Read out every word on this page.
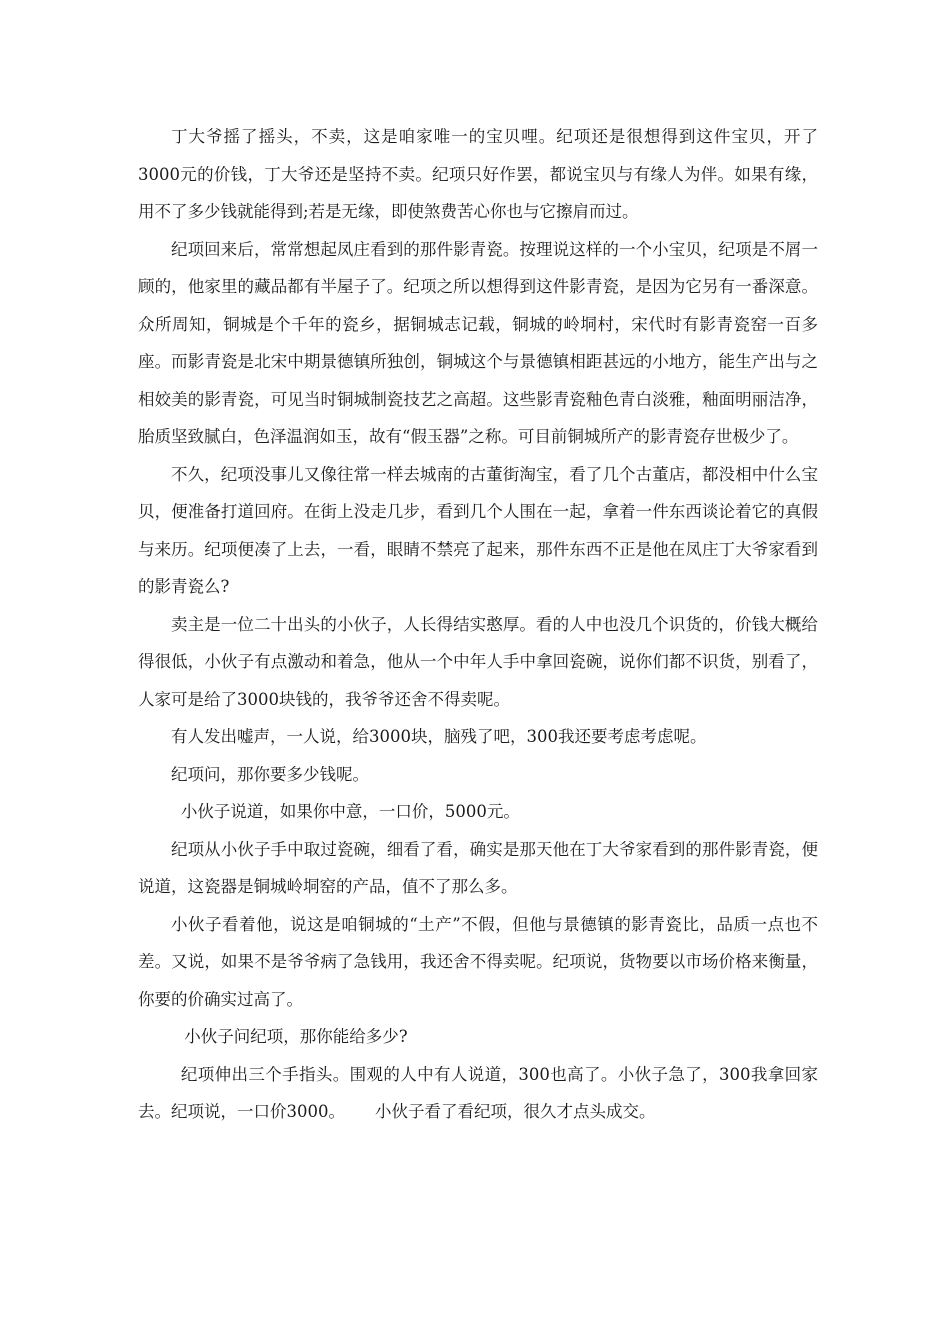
丁大爷摇了摇头，不卖，这是咱家唯一的宝贝哩。纪项还是很想得到这件宝贝，开了3000元的价钱，丁大爷还是坚持不卖。纪项只好作罢，都说宝贝与有缘人为伴。如果有缘，用不了多少钱就能得到;若是无缘，即使煞费苦心你也与它擦肩而过。

纪项回来后，常常想起凤庄看到的那件影青瓷。按理说这样的一个小宝贝，纪项是不屑一顾的，他家里的藏品都有半屋子了。纪项之所以想得到这件影青瓷，是因为它另有一番深意。众所周知，铜城是个千年的瓷乡，据铜城志记载，铜城的岭垌村，宋代时有影青瓷窑一百多座。而影青瓷是北宋中期景德镇所独创，铜城这个与景德镇相距甚远的小地方，能生产出与之相姣美的影青瓷，可见当时铜城制瓷技艺之高超。这些影青瓷釉色青白淡雅，釉面明丽洁净，胎质坚致腻白，色泽温润如玉，故有“假玉器”之称。可目前铜城所产的影青瓷存世极少了。

不久，纪项没事儿又像往常一样去城南的古董街淘宝，看了几个古董店，都没相中什么宝贝，便准备打道回府。在街上没走几步，看到几个人围在一起，拿着一件东西谈论着它的真假与来历。纪项便凑了上去，一看，眼睛不禁亮了起来，那件东西不正是他在凤庄丁大爷家看到的影青瓷么?

卖主是一位二十出头的小伙子，人长得结实憨厚。看的人中也没几个识货的，价钱大概给得很低，小伙子有点激动和着急，他从一个中年人手中拿回瓷碗，说你们都不识货，别看了，人家可是给了3000块钱的，我爷爷还舍不得卖呢。

有人发出嘘声，一人说，给3000块，脑残了吧，300我还要考虑考虑呢。

纪项问，那你要多少钱呢。

小伙子说道，如果你中意，一口价，5000元。

纪项从小伙子手中取过瓷碗，细看了看，确实是那天他在丁大爷家看到的那件影青瓷，便说道，这瓷器是铜城岭垌窑的产品，值不了那么多。

小伙子看着他，说这是咱铜城的“土产”不假，但他与景德镇的影青瓷比，品质一点也不差。又说，如果不是爷爷病了急钱用，我还舍不得卖呢。纪项说，货物要以市场价格来衡量，你要的价确实过高了。

小伙子问纪项，那你能给多少?

纪项伸出三个手指头。围观的人中有人说道，300也高了。小伙子急了，300我拿回家去。纪项说，一口价3000。 小伙子看了看纪项，很久才点头成交。
